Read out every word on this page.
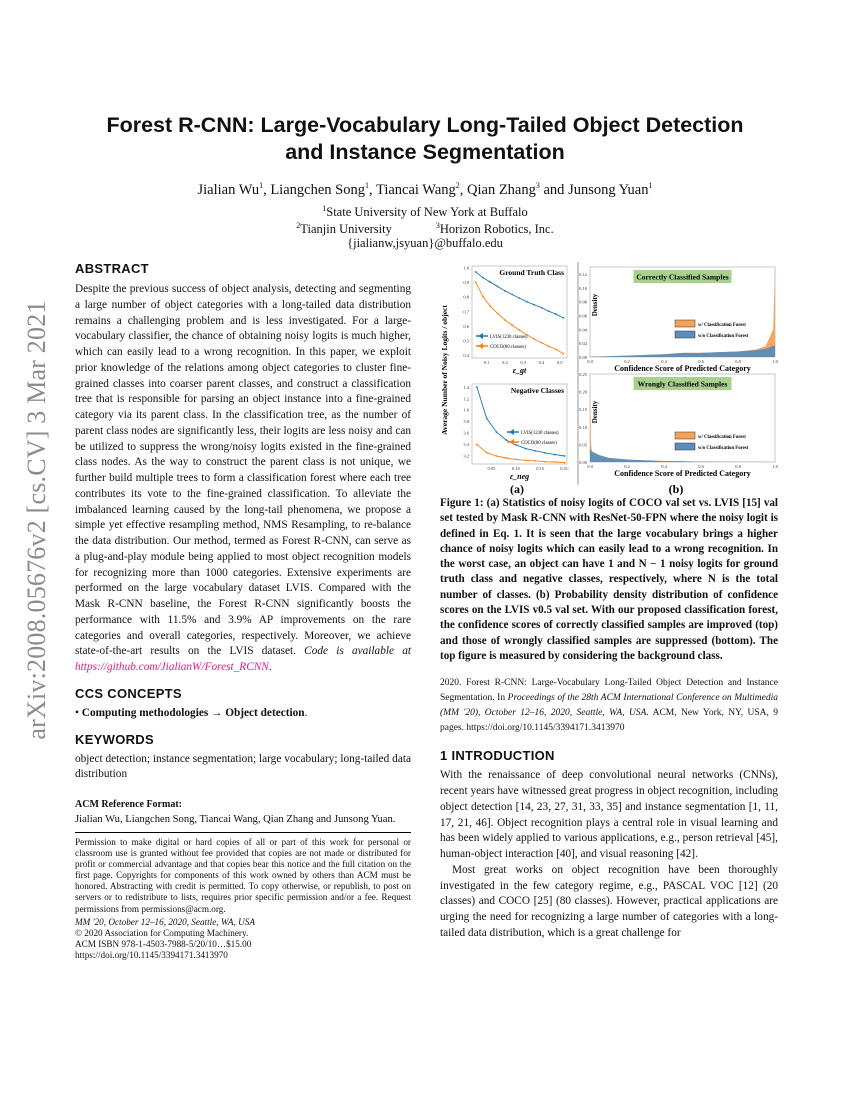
arXiv:2008.05676v2 [cs.CV] 3 Mar 2021
Forest R-CNN: Large-Vocabulary Long-Tailed Object Detection
and Instance Segmentation
Jialian Wu$^1$, Liangchen Song$^1$, Tiancai Wang$^2$, Qian Zhang$^3$ and Junsong Yuan$^1$
$^1$State University of New York at Buffalo
$^2$Tianjin University	$^3$Horizon Robotics, Inc.
{jialianw,jsyuan}@buffalo.edu
ABSTRACT
Despite the previous success of object analysis, detecting and segmenting a large number of object categories with a long-tailed data distribution remains a challenging problem and is less investigated. For a large-vocabulary classifier, the chance of obtaining noisy logits is much higher, which can easily lead to a wrong recognition. In this paper, we exploit prior knowledge of the relations among object categories to cluster fine-grained classes into coarser parent classes, and construct a classification tree that is responsible for parsing an object instance into a fine-grained category via its parent class. In the classification tree, as the number of parent class nodes are significantly less, their logits are less noisy and can be utilized to suppress the wrong/noisy logits existed in the fine-grained class nodes. As the way to construct the parent class is not unique, we further build multiple trees to form a classification forest where each tree contributes its vote to the fine-grained classification. To alleviate the imbalanced learning caused by the long-tail phenomena, we propose a simple yet effective resampling method, NMS Resampling, to re-balance the data distribution. Our method, termed as Forest R-CNN, can serve as a plug-and-play module being applied to most object recognition models for recognizing more than 1000 categories. Extensive experiments are performed on the large vocabulary dataset LVIS. Compared with the Mask R-CNN baseline, the Forest R-CNN significantly boosts the performance with 11.5% and 3.9% AP improvements on the rare categories and overall categories, respectively. Moreover, we achieve state-of-the-art results on the LVIS dataset. Code is available at https://github.com/JialianW/Forest_RCNN.
CCS CONCEPTS
• Computing methodologies → Object detection.
KEYWORDS
object detection; instance segmentation; large vocabulary; long-tailed data distribution
ACM Reference Format:
Jialian Wu, Liangchen Song, Tiancai Wang, Qian Zhang and Junsong Yuan.
Permission to make digital or hard copies of all or part of this work for personal or classroom use is granted without fee provided that copies are not made or distributed for profit or commercial advantage and that copies bear this notice and the full citation on the first page. Copyrights for components of this work owned by others than ACM must be honored. Abstracting with credit is permitted. To copy otherwise, or republish, to post on servers or to redistribute to lists, requires prior specific permission and/or a fee. Request permissions from permissions@acm.org.
MM '20, October 12–16, 2020, Seattle, WA, USA
© 2020 Association for Computing Machinery.
ACM ISBN 978-1-4503-7988-5/20/10…$15.00
https://doi.org/10.1145/3394171.3413970
Average Number of Noisy Logits / object
(a)	(b)
0.4
0.5
0.6
0.7
0.8
0.9
1.0
0.1	0.2	0.3	0.4	0.5
Ground Truth Class
ε_gt
LVIS(1230 classes)
COCO(80 classes)
3.2
3.4
3.6
3.8
1.0
1.2
1.4
0.05	0.10	0.15	0.2C
Negative Classes
ε_neg
LVIS(1230 classes)
COCO(80 classes)
0.00
0.02
0.04
0.06
0.08
0.10
0.12
0.0	0.2	0.4	0.6	0.8	1.0
Correctly Classified Samples
Confidence Score of Predicted Category
Density
w/ Classification Forest
w/o Classification Forest
0.00
0.05
0.10
0.15
0.20
0.25
0.0	0.2	0.4	0.6	0.8	1.0
Wrongly Classified Samples
Confidence Score of Predicted Category
Density
w/ Classification Forest
w/o Classification Forest
Figure 1: (a) Statistics of noisy logits of COCO val set vs. LVIS [15] val set tested by Mask R-CNN with ResNet-50-FPN where the noisy logit is defined in Eq. 1. It is seen that the large vocabulary brings a higher chance of noisy logits which can easily lead to a wrong recognition. In the worst case, an object can have 1 and N − 1 noisy logits for ground truth class and negative classes, respectively, where N is the total number of classes. (b) Probability density distribution of confidence scores on the LVIS v0.5 val set. With our proposed classification forest, the confidence scores of correctly classified samples are improved (top) and those of wrongly classified samples are suppressed (bottom). The top figure is measured by considering the background class.
2020. Forest R-CNN: Large-Vocabulary Long-Tailed Object Detection and Instance Segmentation. In Proceedings of the 28th ACM International Conference on Multimedia (MM '20), October 12–16, 2020, Seattle, WA, USA. ACM, New York, NY, USA, 9 pages. https://doi.org/10.1145/3394171.3413970
1 INTRODUCTION
With the renaissance of deep convolutional neural networks (CNNs), recent years have witnessed great progress in object recognition, including object detection [14, 23, 27, 31, 33, 35] and instance segmentation [1, 11, 17, 21, 46]. Object recognition plays a central role in visual learning and has been widely applied to various applications, e.g., person retrieval [45], human-object interaction [40], and visual reasoning [42].
Most great works on object recognition have been thoroughly investigated in the few category regime, e.g., PASCAL VOC [12] (20 classes) and COCO [25] (80 classes). However, practical applications are urging the need for recognizing a large number of categories with a long-tailed data distribution, which is a great challenge for
